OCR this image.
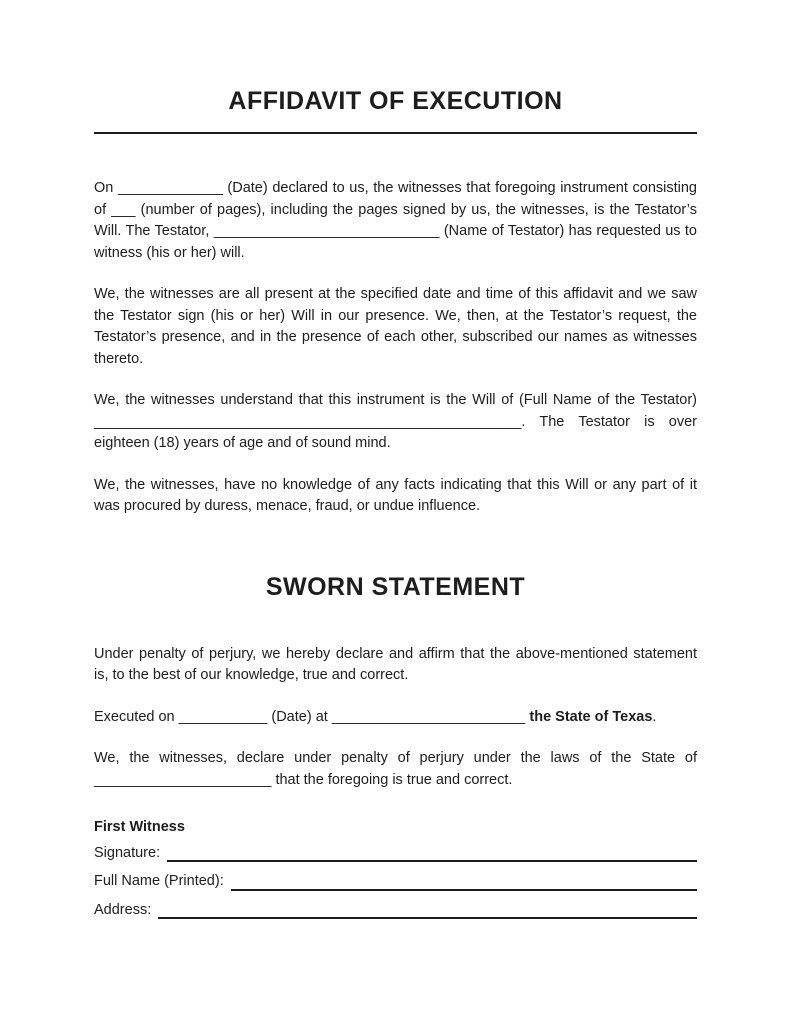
AFFIDAVIT OF EXECUTION

On _____________ (Date) declared to us, the witnesses that foregoing instrument consisting of ___ (number of pages), including the pages signed by us, the witnesses, is the Testator’s Will. The Testator, ____________________________ (Name of Testator) has requested us to witness (his or her) will.

We, the witnesses are all present at the specified date and time of this affidavit and we saw the Testator sign (his or her) Will in our presence. We, then, at the Testator’s request, the Testator’s presence, and in the presence of each other, subscribed our names as witnesses thereto.

We, the witnesses understand that this instrument is the Will of (Full Name of the Testator) _____________________________________________________. The Testator is over eighteen (18) years of age and of sound mind.

We, the witnesses, have no knowledge of any facts indicating that this Will or any part of it was procured by duress, menace, fraud, or undue influence.

SWORN STATEMENT

Under penalty of perjury, we hereby declare and affirm that the above-mentioned statement is, to the best of our knowledge, true and correct.

Executed on ___________ (Date) at ________________________ the State of Texas.

We, the witnesses, declare under penalty of perjury under the laws of the State of ______________________ that the foregoing is true and correct.

First Witness
Signature:
Full Name (Printed):
Address:
